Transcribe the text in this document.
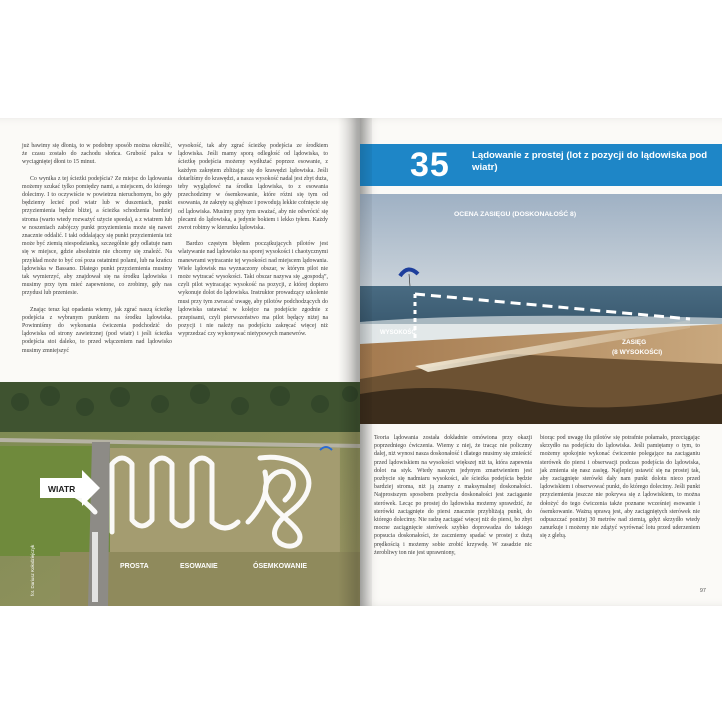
już bawimy się dłonią, to w podobny sposób można określić, że czasu zostało do zachodu słońca. Grubość palca w wyciągniętej dłoni to 15 minut.

Co wynika z tej ścieżki podejścia? Ze miejsc do lądowania możemy szukać tylko pomiędzy nami, a miejscem, do którego dolecimy. I to oczywiście w powietrzu nieruchomym, bo gdy będziemy lecieć pod wiatr lub w duszeniach, punkt przyziemienia będzie bliżej, a ścieżka schodzenia bardziej stroma (warto wtedy rozważyć użycie speeda), a z wiatrem lub w noszeniach zabójczy punkt przyziemienia może się nawet znacznie oddalić. I taki oddalający się punkt przyziemienia też może być ziemią niespodzianką, szczególnie gdy odlatuje nam się w miejsce, gdzie absolutnie nie chcemy się znaleźć. Na przykład może to być coś poza ostatnimi polami, lub na krańcu lądowiska w Bassano. Dlatego punkt przyziemienia musimy tak wymierzyć, aby znajdował się na środku lądowiska i musimy przy tym mieć zapewnione, co zrobimy, gdy nas przydusi lub przeniesie.

Znając teraz kąt opadania wiemy, jak zgrać naszą ścieżkę podejścia z wybranym punktem na środku lądowiska. Powinniśmy do wykonania ćwiczenia podchodzić do lądowiska od strony zawietrznej (pod wiatr) i jeśli ścieżka podejścia stoi daleko, to przed włączeniem nad lądowisko musimy zmniejszyć

wysokość, tak aby zgrać ścieżkę podejścia ze środkiem lądowiska. Jeśli mamy sporą odległość od lądowiska, to ścieżkę podejścia możemy wydłużać poprzez esowanie, z każdym zakrętem zbliżając się do krawędzi lądowiska. Jeśli dotarliśmy do krawędzi, a nasza wysokość nadal jest zbyt duża, teby wyglądowć na środku lądowiska, to z esowania przechodzimy w ósemkowanie, które różni się tym od esowania, że zakręty są głębsze i powodują lekkie cofnięcie się od lądowiska. Musimy przy tym uważać, aby nie odwrócić się plecami do lądowiska, a jedynie bokiem i lekko tyłem. Każdy zwrot robimy w kierunku lądowiska.

Bardzo częstym błędem początkujących pilotów jest wlatywanie nad lądowisko na sporej wysokości i chaotycznymi manewrami wytracanie tej wysokości nad miejscem lądowania. Wiele lądowisk ma wyznaczony obszar, w którym pilot nie może wytracać wysokości. Taki obszar nazywa się „gospodą”, czyli pilot wytracając wysokość na pozycji, z której dopiero wykonuje dolot do lądowiska. Instruktor prowadzący szkolenie musi przy tym zwracać uwagę, aby pilotów podchodzących do lądowiska ustawiać w kolejce na podejście zgodnie z przepisami, czyli pierwszeństwo ma pilot będący niżej na pozycji i nie należy na podejściu zakręcać więcej niż wyprzedzać czy wykonywać nietypowych manewrów.

WIATR
PROSTA	ESOWANIE	ÓSEMKOWANIE
fot. Dariusz Kołodziejczyk
35 Lądowanie z prostej (lot z pozycji do lądowiska pod wiatr)
OCENA ZASIĘGU (DOSKONAŁOŚĆ 8)
WYSOKOŚĆ
ZASIĘG
(8 WYSOKOŚCI)

Teoria lądowania została dokładnie omówiona przy okazji poprzedniego ćwiczenia. Wiemy z niej, że tracąc nie policzmy dalej, niż wynosi nasza doskonałość i dlatego musimy się zmieścić przed lądowiskiem na wysokości większej niż ta, która zapewnia dolot na styk. Wtedy naszym jedynym zmartwieniem jest pozbycie się nadmiaru wysokości, ale ścieżka podejścia będzie bardziej stroma, niż ją znamy z maksymalnej doskonałości. Najprostszym sposobem pozbycia doskonałości jest zaciąganie sterówek. Lecąc po prostej do lądowiska możemy sprawdzić, że sterówki zaciągnięte do piersi znacznie przybliżają punkt, do którego dolecimy. Nie radzę zaciągać więcej niż do piersi, bo zbyt mocne zaciągnięcie sterówek szybko doprowadza do takiego popsucia doskonałości, że zaczniemy spadać w prostej z dużą prędkością i możemy sobie zrobić krzywdę. W zasadzie nic żerobliwy ton nie jest uprawniony,

biorąc pod uwagę ilu pilotów się potrafnie połamało, przeciągając skrzydło na podejściu do lądowiska. Jeśli pamiętamy o tym, to możemy spokojnie wykonać ćwiczenie polegające na zaciąganiu sterówek do piersi i obserwacji podczas podejścia do lądowiska, jak zmienia się nasz zasięg. Najlepiej ustawić się na prostej tak, aby zaciągnięte sterówki dały nam punkt dolotu nieco przed lądowiskiem i obserwować punkt, do którego dolecimy. Jeśli punkt przyziemienia jeszcze nie pokrywa się z lądowiskiem, to można dołożyć do tego ćwiczenia także poznane wcześniej esowanie i ósemkowanie. Ważną sprawą jest, aby zaciągniętych sterówek nie odpuszczać poniżej 30 metrów nad ziemią, gdyż skrzydło wtedy zanurkuje i możemy nie zdążyć wyrównać lotu przed uderzeniem się z glebą.

97
